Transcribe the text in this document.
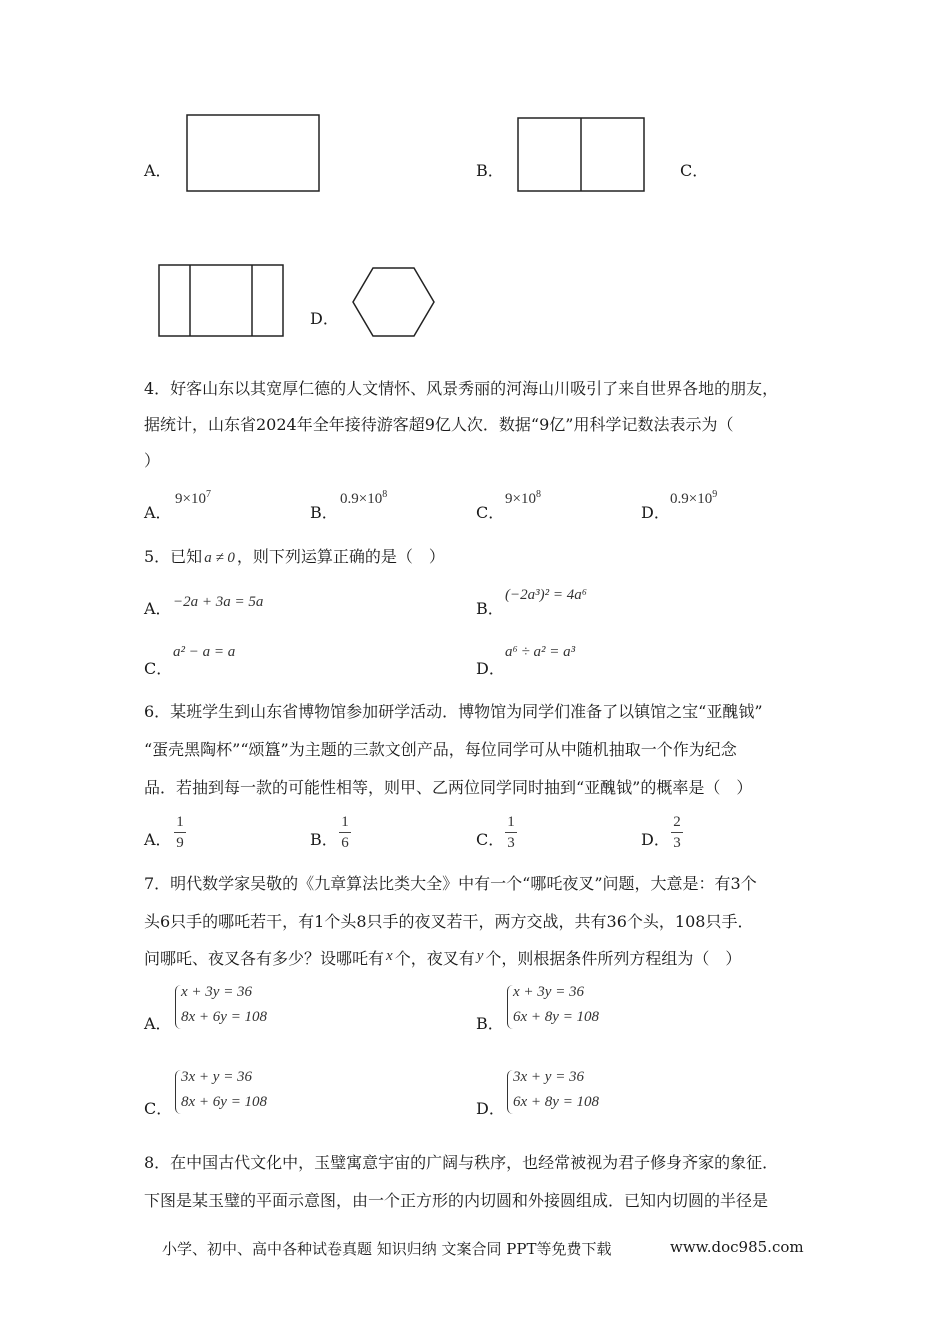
A．	B．	C．
D．
4．好客山东以其宽厚仁德的人文情怀、风景秀丽的河海山川吸引了来自世界各地的朋友，
据统计，山东省2024年全年接待游客超9亿人次．数据“9亿”用科学记数法表示为（
）
A．
$9\times 10^7$
B．
$0.9\times 10^8$
C．
$9\times 10^8$
D．
$0.9\times 10^9$
5．已知 a ≠ 0 ，则下列运算正确的是（　）
A． −2a + 3a = 5a	B．
(−2a³)² = 4a⁶
C．
a² − a = a
D．
a⁶ ÷ a² = a³
6．某班学生到山东省博物馆参加研学活动．博物馆为同学们准备了以镇馆之宝“亚醜钺”
“蛋壳黑陶杯”“颂簋”为主题的三款文创产品，每位同学可从中随机抽取一个作为纪念
品．若抽到每一款的可能性相等，则甲、乙两位同学同时抽到“亚醜钺”的概率是（　）
A．
1
9	B．
1
6	C．
1
3	D．
2
3
7．明代数学家吴敬的《九章算法比类大全》中有一个“哪吒夜叉”问题，大意是：有3个
头6只手的哪吒若干，有1个头8只手的夜叉若干，两方交战，共有36个头，108只手．
问哪吒、夜叉各有多少？设哪吒有 x 个，夜叉有 y 个，则根据条件所列方程组为（　）
A．
x + 3y = 36
8x + 6y = 108	B．
x + 3y = 36
6x + 8y = 108
C．
3x + y = 36
8x + 6y = 108	D．
3x + y = 36
6x + 8y = 108
8．在中国古代文化中，玉璧寓意宇宙的广阔与秩序，也经常被视为君子修身齐家的象征．
下图是某玉璧的平面示意图，由一个正方形的内切圆和外接圆组成．已知内切圆的半径是
小学、初中、高中各种试卷真题 知识归纳 文案合同 PPT等免费下载	www.doc985.com
